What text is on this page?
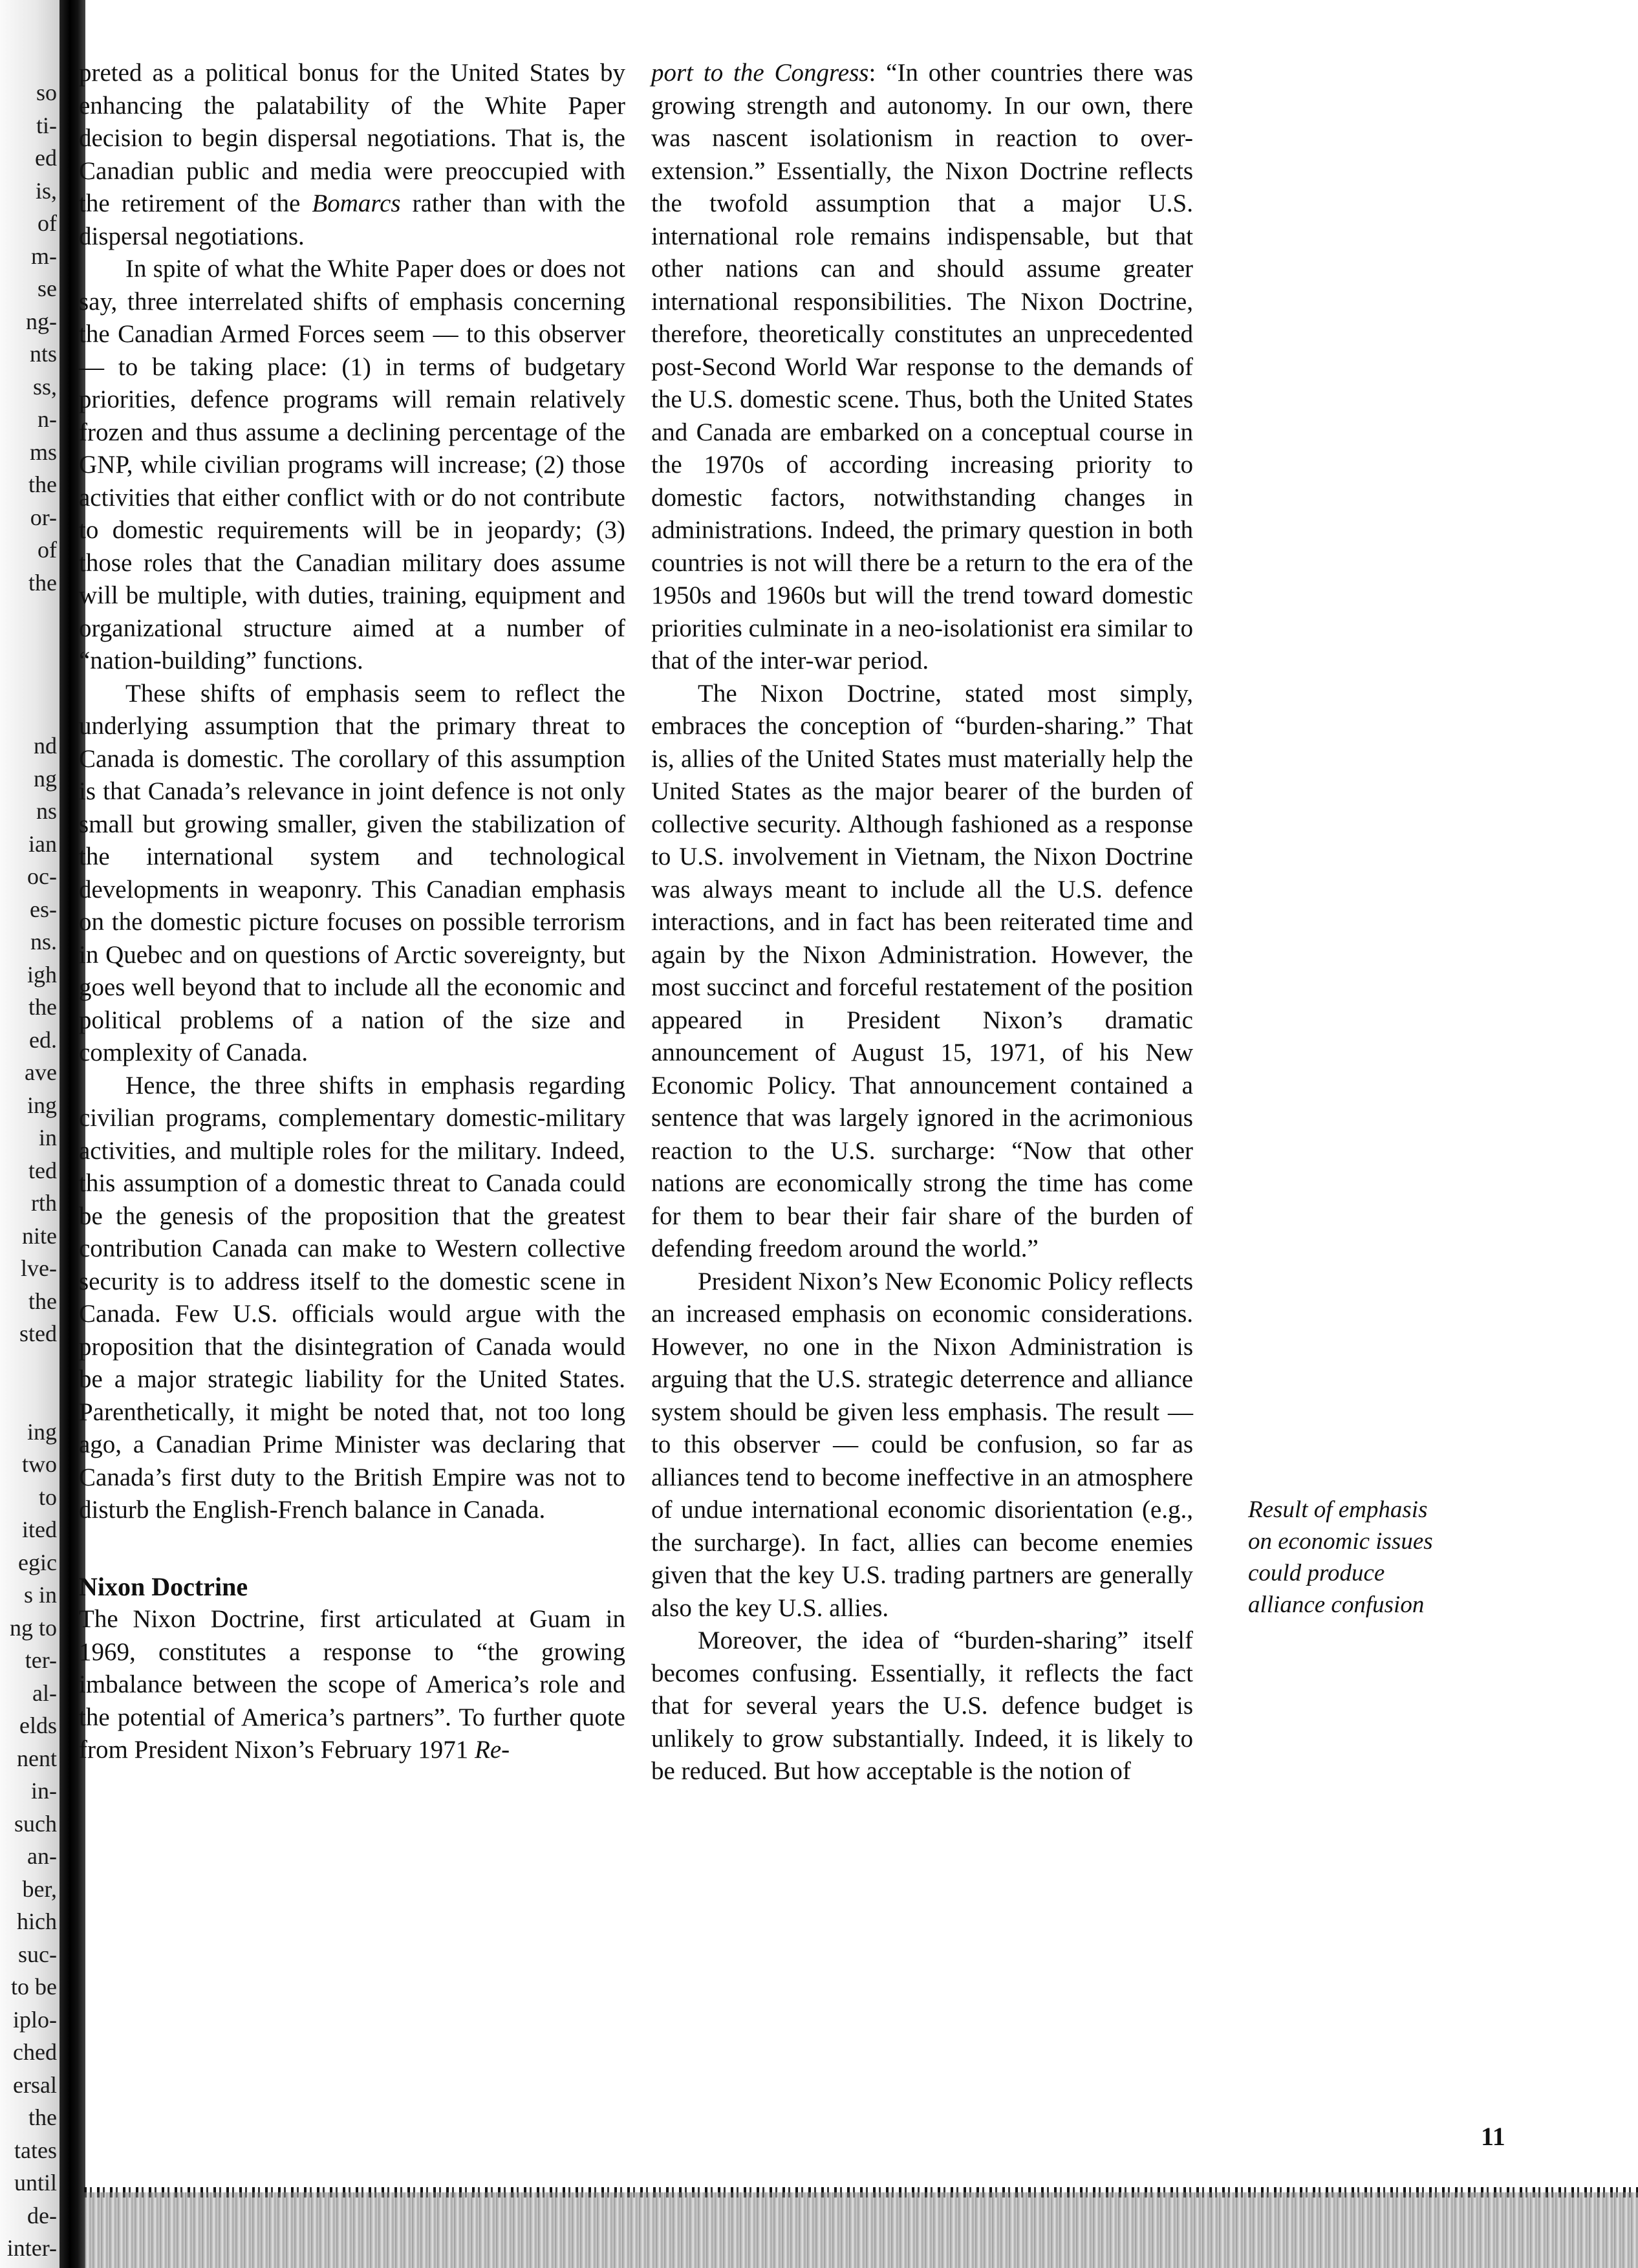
so
ti-
ed
is,
of
m-
se
ng-
nts
ss,
n-
ms
the
or-
of
the
nd
ng
ns
ian
oc-
es-
ns.
igh
the
ed.
ave
ing
in
ted
rth
nite
lve-
the
sted
ing
two
to
ited
egic
s in
ng to
ter-
al-
elds
nent
in-
such
an-
ber,
hich
suc-
to be
iplo-
ched
ersal
the
tates
until
de-
inter-

preted as a political bonus for the United States by enhancing the palatability of the White Paper decision to begin dispersal negotiations. That is, the Canadian public and media were preoccupied with the retirement of the Bomarcs rather than with the dispersal negotiations.

In spite of what the White Paper does or does not say, three interrelated shifts of emphasis concerning the Canadian Armed Forces seem — to this observer — to be taking place: (1) in terms of budgetary priorities, defence programs will remain relatively frozen and thus assume a declining percentage of the GNP, while civilian programs will increase; (2) those activities that either conflict with or do not contribute to domestic requirements will be in jeopardy; (3) those roles that the Canadian military does assume will be multiple, with duties, training, equipment and organizational structure aimed at a number of “nation-building” functions.

These shifts of emphasis seem to reflect the underlying assumption that the primary threat to Canada is domestic. The corollary of this assumption is that Canada’s relevance in joint defence is not only small but growing smaller, given the stabilization of the international system and technological developments in weaponry. This Canadian emphasis on the domestic picture focuses on possible terrorism in Quebec and on questions of Arctic sovereignty, but goes well beyond that to include all the economic and political problems of a nation of the size and complexity of Canada.

Hence, the three shifts in emphasis regarding civilian programs, complementary domestic-military activities, and multiple roles for the military. Indeed, this assumption of a domestic threat to Canada could be the genesis of the proposition that the greatest contribution Canada can make to Western collective security is to address itself to the domestic scene in Canada. Few U.S. officials would argue with the proposition that the disintegration of Canada would be a major strategic liability for the United States. Parenthetically, it might be noted that, not too long ago, a Canadian Prime Minister was declaring that Canada’s first duty to the British Empire was not to disturb the English-French balance in Canada.

Nixon Doctrine

The Nixon Doctrine, first articulated at Guam in 1969, constitutes a response to “the growing imbalance between the scope of America’s role and the potential of America’s partners”. To further quote from President Nixon’s February 1971 Re-

port to the Congress: “In other countries there was growing strength and autonomy. In our own, there was nascent isolationism in reaction to over-extension.” Essentially, the Nixon Doctrine reflects the twofold assumption that a major U.S. international role remains indispensable, but that other nations can and should assume greater international responsibilities. The Nixon Doctrine, therefore, theoretically constitutes an unprecedented post-Second World War response to the demands of the U.S. domestic scene. Thus, both the United States and Canada are embarked on a conceptual course in the 1970s of according increasing priority to domestic factors, notwithstanding changes in administrations. Indeed, the primary question in both countries is not will there be a return to the era of the 1950s and 1960s but will the trend toward domestic priorities culminate in a neo-isolationist era similar to that of the inter-war period.

The Nixon Doctrine, stated most simply, embraces the conception of “burden-sharing.” That is, allies of the United States must materially help the United States as the major bearer of the burden of collective security. Although fashioned as a response to U.S. involvement in Vietnam, the Nixon Doctrine was always meant to include all the U.S. defence interactions, and in fact has been reiterated time and again by the Nixon Administration. However, the most succinct and forceful restatement of the position appeared in President Nixon’s dramatic announcement of August 15, 1971, of his New Economic Policy. That announcement contained a sentence that was largely ignored in the acrimonious reaction to the U.S. surcharge: “Now that other nations are economically strong the time has come for them to bear their fair share of the burden of defending freedom around the world.”

President Nixon’s New Economic Policy reflects an increased emphasis on economic considerations. However, no one in the Nixon Administration is arguing that the U.S. strategic deterrence and alliance system should be given less emphasis. The result — to this observer — could be confusion, so far as alliances tend to become ineffective in an atmosphere of undue international economic disorientation (e.g., the surcharge). In fact, allies can become enemies given that the key U.S. trading partners are generally also the key U.S. allies.

Moreover, the idea of “burden-sharing” itself becomes confusing. Essentially, it reflects the fact that for several years the U.S. defence budget is unlikely to grow substantially. Indeed, it is likely to be reduced. But how acceptable is the notion of

Result of emphasis
on economic issues
could produce
alliance confusion
11
